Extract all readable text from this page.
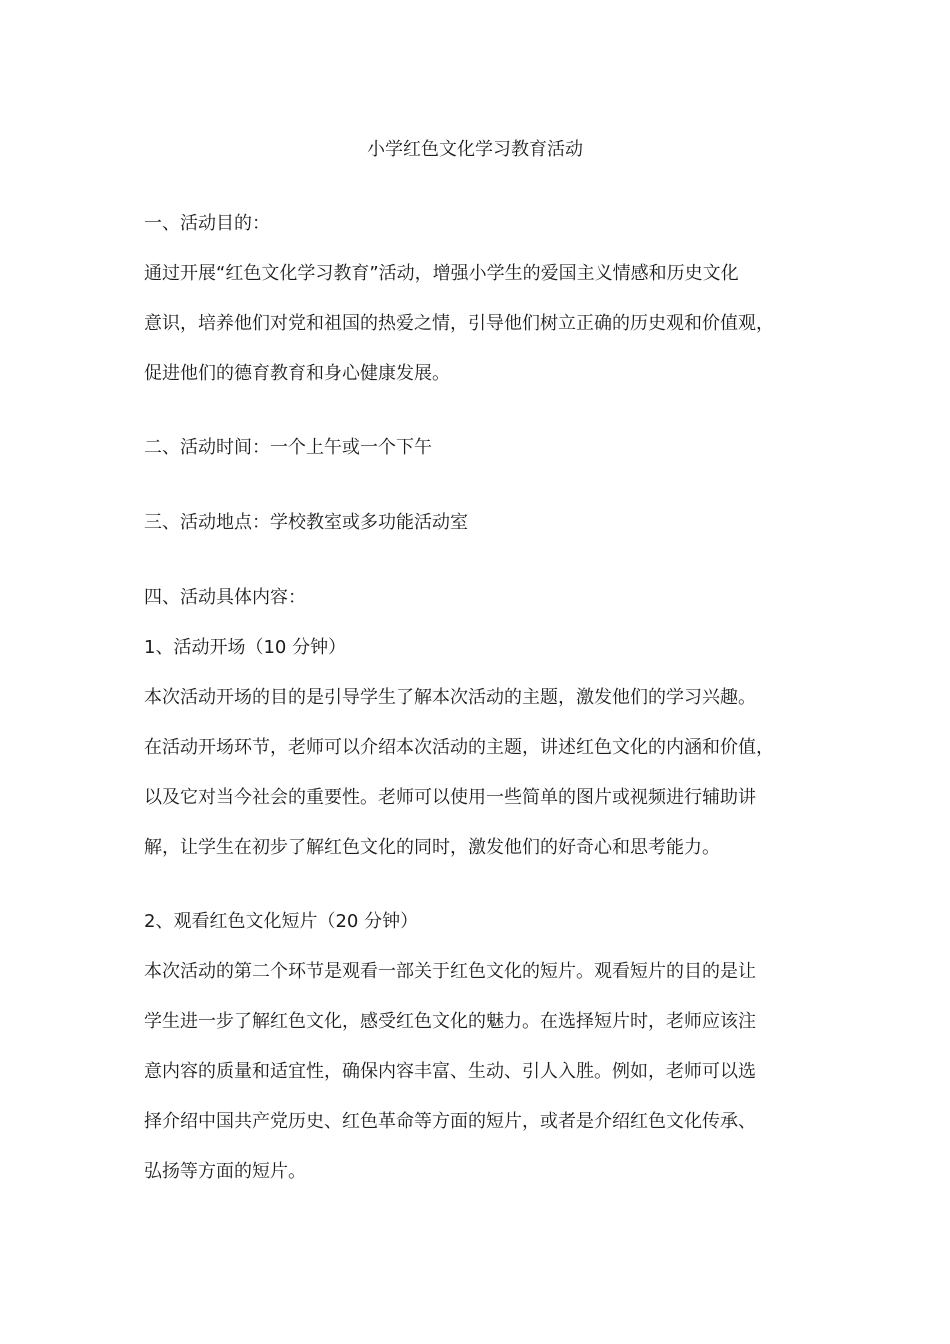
小学红色文化学习教育活动
一、活动目的：
通过开展“红色文化学习教育”活动，增强小学生的爱国主义情感和历史文化
意识，培养他们对党和祖国的热爱之情，引导他们树立正确的历史观和价值观，
促进他们的德育教育和身心健康发展。
二、活动时间：一个上午或一个下午
三、活动地点：学校教室或多功能活动室
四、活动具体内容：
1、活动开场（10 分钟）
本次活动开场的目的是引导学生了解本次活动的主题，激发他们的学习兴趣。
在活动开场环节，老师可以介绍本次活动的主题，讲述红色文化的内涵和价值，
以及它对当今社会的重要性。老师可以使用一些简单的图片或视频进行辅助讲
解，让学生在初步了解红色文化的同时，激发他们的好奇心和思考能力。
2、观看红色文化短片（20 分钟）
本次活动的第二个环节是观看一部关于红色文化的短片。观看短片的目的是让
学生进一步了解红色文化，感受红色文化的魅力。在选择短片时，老师应该注
意内容的质量和适宜性，确保内容丰富、生动、引人入胜。例如，老师可以选
择介绍中国共产党历史、红色革命等方面的短片，或者是介绍红色文化传承、
弘扬等方面的短片。
